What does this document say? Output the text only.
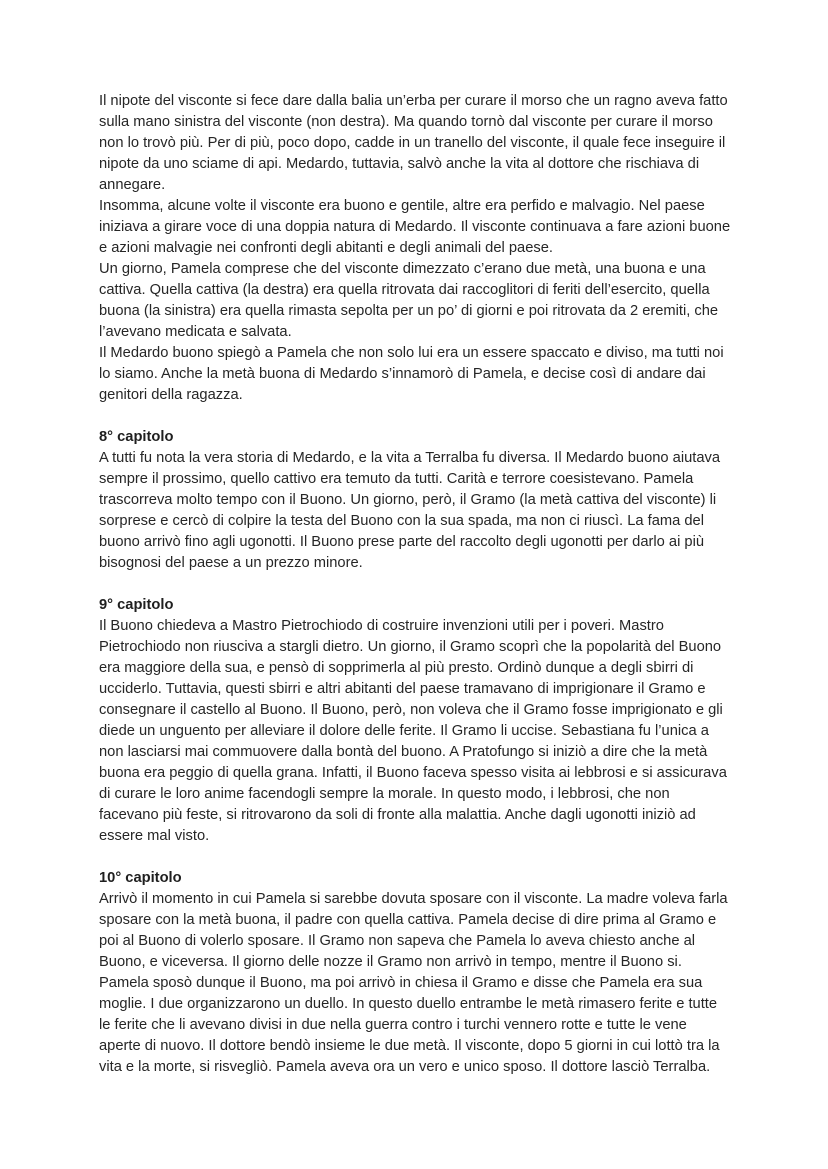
Il nipote del visconte si fece dare dalla balia un’erba per curare il morso che un ragno aveva fatto sulla mano sinistra del visconte (non destra). Ma quando tornò dal visconte per curare il morso non lo trovò più. Per di più, poco dopo, cadde in un tranello del visconte, il quale fece inseguire il nipote da uno sciame di api. Medardo, tuttavia, salvò anche la vita al dottore che rischiava di annegare.

Insomma, alcune volte il visconte era buono e gentile, altre era perfido e malvagio. Nel paese iniziava a girare voce di una doppia natura di Medardo. Il visconte continuava a fare azioni buone e azioni malvagie nei confronti degli abitanti e degli animali del paese.

Un giorno, Pamela comprese che del visconte dimezzato c’erano due metà, una buona e una cattiva. Quella cattiva (la destra) era quella ritrovata dai raccoglitori di feriti dell’esercito, quella buona (la sinistra) era quella rimasta sepolta per un po’ di giorni e poi ritrovata da 2 eremiti, che l’avevano medicata e salvata.

Il Medardo buono spiegò a Pamela che non solo lui era un essere spaccato e diviso, ma tutti noi lo siamo. Anche la metà buona di Medardo s’innamorò di Pamela, e decise così di andare dai genitori della ragazza.

8° capitolo

A tutti fu nota la vera storia di Medardo, e la vita a Terralba fu diversa. Il Medardo buono aiutava sempre il prossimo, quello cattivo era temuto da tutti. Carità e terrore coesistevano. Pamela trascorreva molto tempo con il Buono. Un giorno, però, il Gramo (la metà cattiva del visconte) li sorprese e cercò di colpire la testa del Buono con la sua spada, ma non ci riuscì. La fama del buono arrivò fino agli ugonotti. Il Buono prese parte del raccolto degli ugonotti per darlo ai più bisognosi del paese a un prezzo minore.

9° capitolo

Il Buono chiedeva a Mastro Pietrochiodo di costruire invenzioni utili per i poveri. Mastro Pietrochiodo non riusciva a stargli dietro. Un giorno, il Gramo scoprì che la popolarità del Buono era maggiore della sua, e pensò di sopprimerla al più presto. Ordinò dunque a degli sbirri di ucciderlo. Tuttavia, questi sbirri e altri abitanti del paese tramavano di imprigionare il Gramo e consegnare il castello al Buono. Il Buono, però, non voleva che il Gramo fosse imprigionato e gli diede un unguento per alleviare il dolore delle ferite. Il Gramo li uccise. Sebastiana fu l’unica a non lasciarsi mai commuovere dalla bontà del buono. A Pratofungo si iniziò a dire che la metà buona era peggio di quella grana. Infatti, il Buono faceva spesso visita ai lebbrosi e si assicurava di curare le loro anime facendogli sempre la morale. In questo modo, i lebbrosi, che non facevano più feste, si ritrovarono da soli di fronte alla malattia. Anche dagli ugonotti iniziò ad essere mal visto.

10° capitolo

Arrivò il momento in cui Pamela si sarebbe dovuta sposare con il visconte. La madre voleva farla sposare con la metà buona, il padre con quella cattiva. Pamela decise di dire prima al Gramo e poi al Buono di volerlo sposare. Il Gramo non sapeva che Pamela lo aveva chiesto anche al Buono, e viceversa. Il giorno delle nozze il Gramo non arrivò in tempo, mentre il Buono si. Pamela sposò dunque il Buono, ma poi arrivò in chiesa il Gramo e disse che Pamela era sua moglie. I due organizzarono un duello. In questo duello entrambe le metà rimasero ferite e tutte le ferite che li avevano divisi in due nella guerra contro i turchi vennero rotte e tutte le vene aperte di nuovo. Il dottore bendò insieme le due metà. Il visconte, dopo 5 giorni in cui lottò tra la vita e la morte, si risvegliò. Pamela aveva ora un vero e unico sposo. Il dottore lasciò Terralba.
